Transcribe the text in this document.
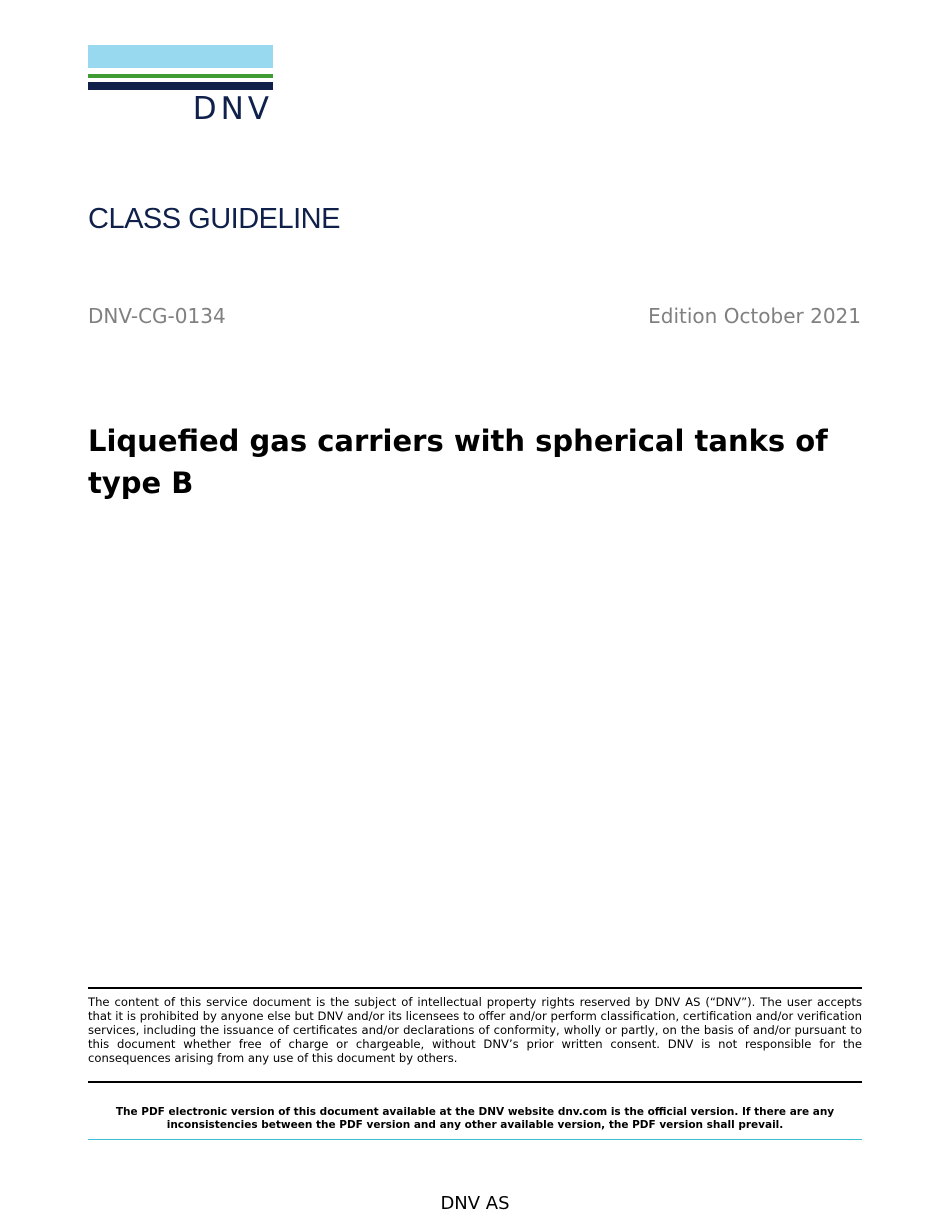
DNV
CLASS GUIDELINE
DNV-CG-0134	Edition October 2021
Liquefied gas carriers with spherical tanks of type B
The content of this service document is the subject of intellectual property rights reserved by DNV AS (“DNV”). The user accepts that it is prohibited by anyone else but DNV and/or its licensees to offer and/or perform classification, certification and/or verification services, including the issuance of certificates and/or declarations of conformity, wholly or partly, on the basis of and/or pursuant to this document whether free of charge or chargeable, without DNV’s prior written consent. DNV is not responsible for the consequences arising from any use of this document by others.
The PDF electronic version of this document available at the DNV website dnv.com is the official version. If there are any inconsistencies between the PDF version and any other available version, the PDF version shall prevail.
DNV AS
